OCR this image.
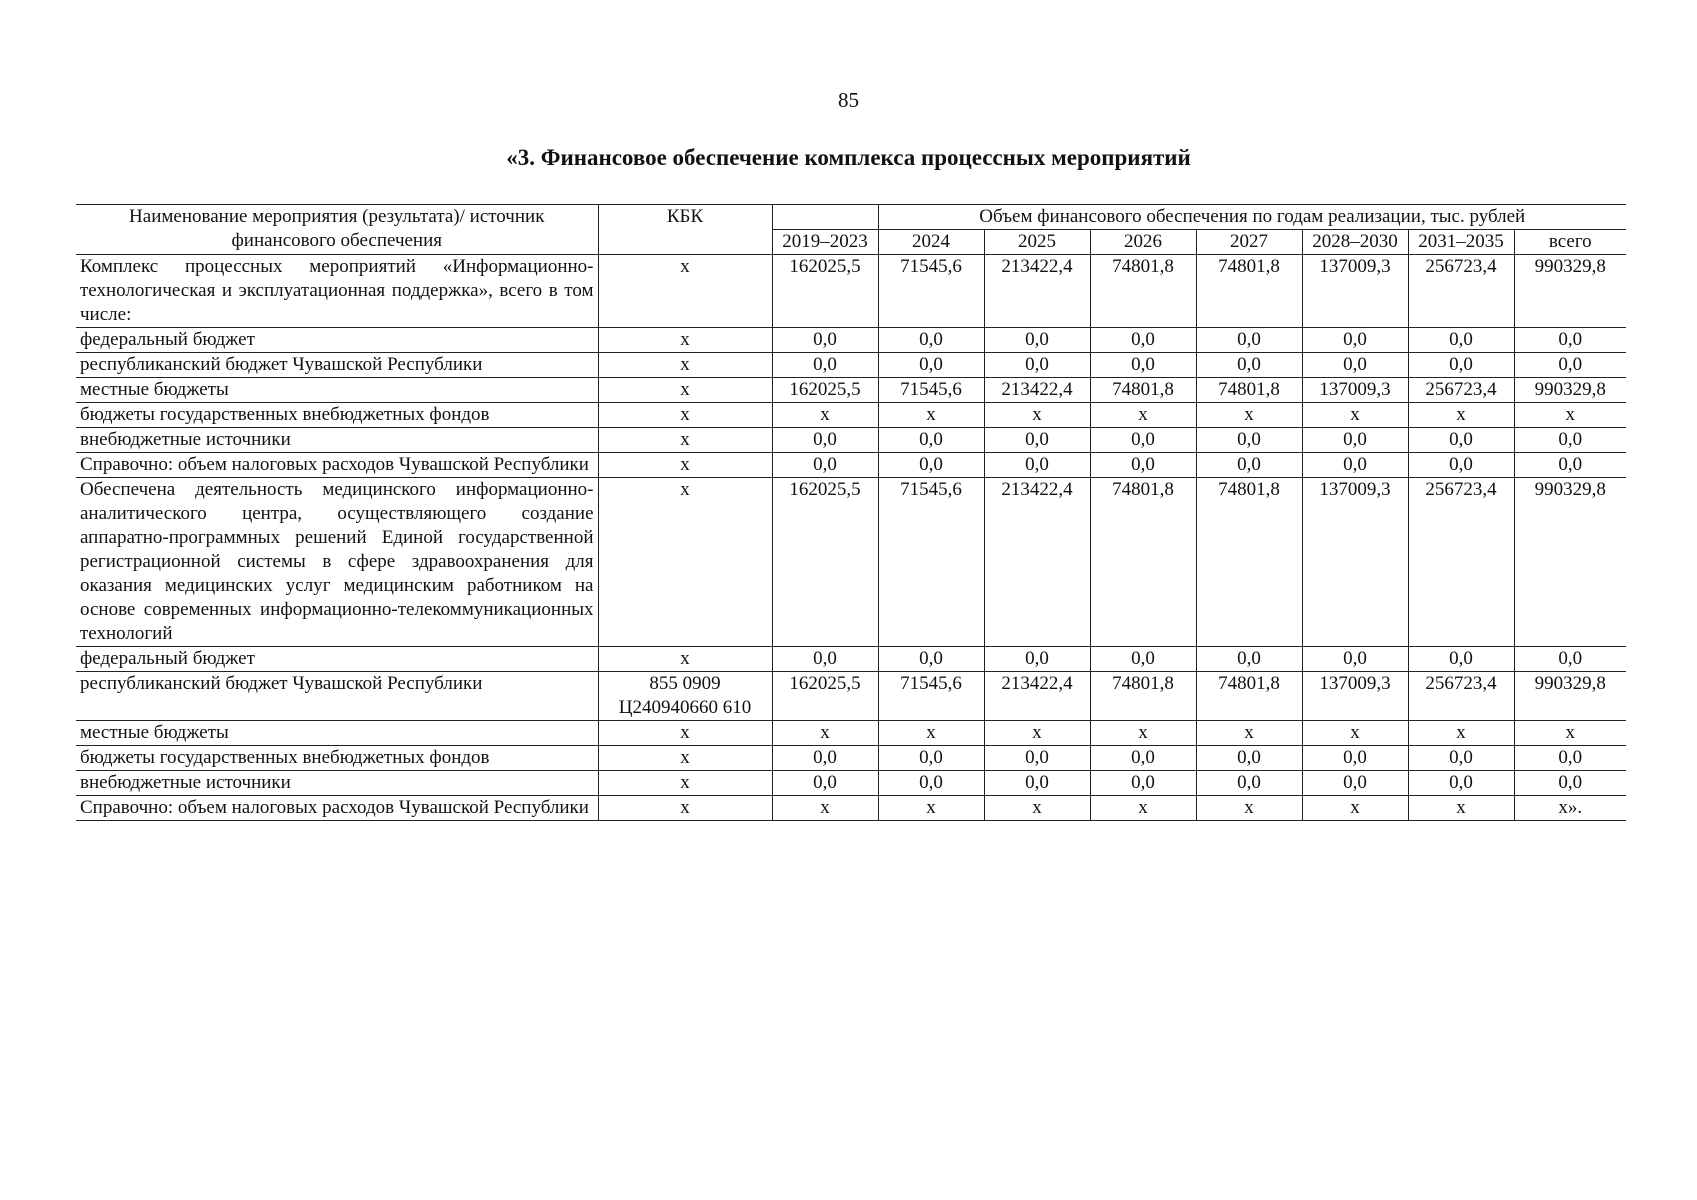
85
«3. Финансовое обеспечение комплекса процессных мероприятий
Наименование мероприятия (результата)/ источник финансового обеспечения	КБК		Объем финансового обеспечения по годам реализации, тыс. рублей						
		2019–2023	2024	2025	2026	2027	2028–2030	2031–2035	всего
Комплекс процессных мероприятий «Информационно-технологическая и эксплуатационная поддержка», всего в том числе:	x	162025,5	71545,6	213422,4	74801,8	74801,8	137009,3	256723,4	990329,8
федеральный бюджет	x	0,0	0,0	0,0	0,0	0,0	0,0	0,0	0,0
республиканский бюджет Чувашской Республики	x	0,0	0,0	0,0	0,0	0,0	0,0	0,0	0,0
местные бюджеты	x	162025,5	71545,6	213422,4	74801,8	74801,8	137009,3	256723,4	990329,8
бюджеты государственных внебюджетных фондов	x	x	x	x	x	x	x	x	x
внебюджетные источники	x	0,0	0,0	0,0	0,0	0,0	0,0	0,0	0,0
Справочно: объем налоговых расходов Чувашской Республики	x	0,0	0,0	0,0	0,0	0,0	0,0	0,0	0,0
Обеспечена деятельность медицинского информационно-аналитического центра, осуществляющего создание аппаратно-программных решений Единой государственной регистрационной системы в сфере здравоохранения для оказания медицинских услуг медицинским работником на основе современных информационно-телекоммуникационных технологий	x	162025,5	71545,6	213422,4	74801,8	74801,8	137009,3	256723,4	990329,8
федеральный бюджет	x	0,0	0,0	0,0	0,0	0,0	0,0	0,0	0,0
республиканский бюджет Чувашской Республики	855 0909 Ц240940660 610	162025,5	71545,6	213422,4	74801,8	74801,8	137009,3	256723,4	990329,8
местные бюджеты	x	x	x	x	x	x	x	x	x
бюджеты государственных внебюджетных фондов	x	0,0	0,0	0,0	0,0	0,0	0,0	0,0	0,0
внебюджетные источники	x	0,0	0,0	0,0	0,0	0,0	0,0	0,0	0,0
Справочно: объем налоговых расходов Чувашской Республики	x	x	x	x	x	x	x	x	x».
